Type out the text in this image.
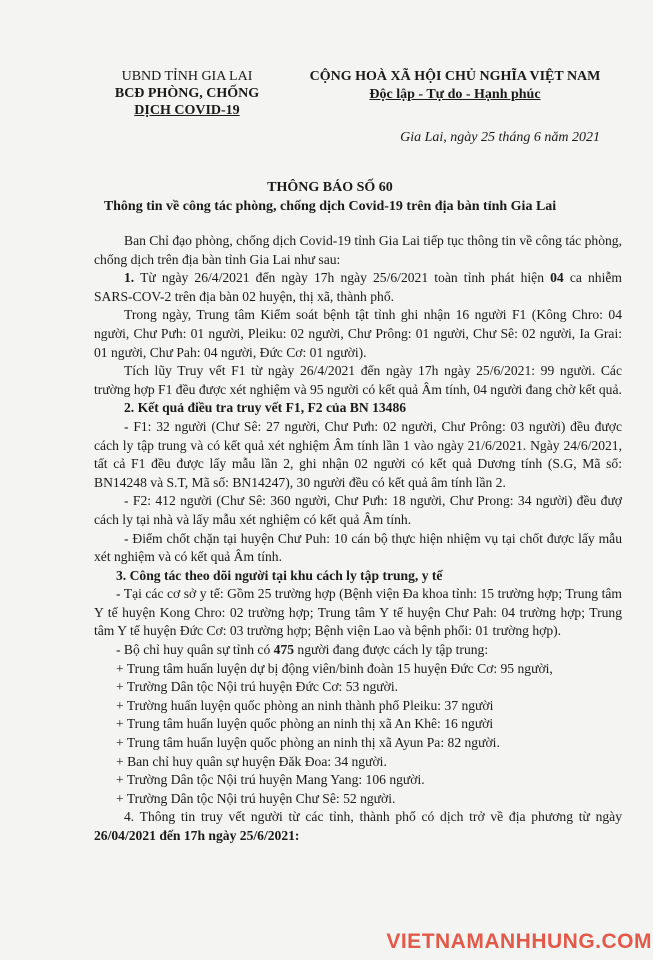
UBND TỈNH GIA LAI
BCĐ PHÒNG, CHỐNG
DỊCH COVID-19
CỘNG HOÀ XÃ HỘI CHỦ NGHĨA VIỆT NAM
Độc lập - Tự do - Hạnh phúc
Gia Lai, ngày 25 tháng 6 năm 2021
THÔNG BÁO SỐ 60
Thông tin về công tác phòng, chống dịch Covid-19 trên địa bàn tỉnh Gia Lai

Ban Chỉ đạo phòng, chống dịch Covid-19 tỉnh Gia Lai tiếp tục thông tin về công tác phòng, chống dịch trên địa bàn tỉnh Gia Lai như sau:

1. Từ ngày 26/4/2021 đến ngày 17h ngày 25/6/2021 toàn tỉnh phát hiện 04 ca nhiễm SARS-COV-2 trên địa bàn 02 huyện, thị xã, thành phố.

Trong ngày, Trung tâm Kiểm soát bệnh tật tỉnh ghi nhận 16 người F1 (Kông Chro: 04 người, Chư Pưh: 01 người, Pleiku: 02 người, Chư Prông: 01 người, Chư Sê: 02 người, Ia Grai: 01 người, Chư Pah: 04 người, Đức Cơ: 01 người).

Tích lũy Truy vết F1 từ ngày 26/4/2021 đến ngày 17h ngày 25/6/2021: 99 người. Các trường hợp F1 đều được xét nghiệm và 95 người có kết quả Âm tính, 04 người đang chờ kết quả.

2. Kết quả điều tra truy vết F1, F2 của BN 13486

- F1: 32 người (Chư Sê: 27 người, Chư Pưh: 02 người, Chư Prông: 03 người) đều được cách ly tập trung và có kết quả xét nghiệm Âm tính lần 1 vào ngày 21/6/2021. Ngày 24/6/2021, tất cả F1 đều được lấy mẫu lần 2, ghi nhận 02 người có kết quả Dương tính (S.G, Mã số: BN14248 và S.T, Mã số: BN14247), 30 người đều có kết quả âm tính lần 2.

- F2: 412 người (Chư Sê: 360 người, Chư Pưh: 18 người, Chư Prong: 34 người) đều đượ cách ly tại nhà và lấy mẫu xét nghiệm có kết quả Âm tính.

- Điểm chốt chặn tại huyện Chư Puh: 10 cán bộ thực hiện nhiệm vụ tại chốt được lấy mẫu xét nghiệm và có kết quả Âm tính.

3. Công tác theo dõi người tại khu cách ly tập trung, y tế

- Tại các cơ sở y tế: Gồm 25 trường hợp (Bệnh viện Đa khoa tỉnh: 15 trường hợp; Trung tâm Y tế huyện Kong Chro: 02 trường hợp; Trung tâm Y tế huyện Chư Pah: 04 trường hợp; Trung tâm Y tế huyện Đức Cơ: 03 trường hợp; Bệnh viện Lao và bệnh phổi: 01 trường hợp).

- Bộ chỉ huy quân sự tỉnh có 475 người đang được cách ly tập trung:

+ Trung tâm huấn luyện dự bị động viên/binh đoàn 15 huyện Đức Cơ: 95 người,

+ Trường Dân tộc Nội trú huyện Đức Cơ: 53 người.

+ Trường huấn luyện quốc phòng an ninh thành phố Pleiku: 37 người

+ Trung tâm huấn luyện quốc phòng an ninh thị xã An Khê: 16 người

+ Trung tâm huấn luyện quốc phòng an ninh thị xã Ayun Pa: 82 người.

+ Ban chỉ huy quân sự huyện Đăk Đoa: 34 người.

+ Trường Dân tộc Nội trú huyện Mang Yang: 106 người.

+ Trường Dân tộc Nội trú huyện Chư Sê: 52 người.

4. Thông tin truy vết người từ các tỉnh, thành phố có dịch trở về địa phương từ ngày 26/04/2021 đến 17h ngày 25/6/2021:

VIETNAMANHHUNG.COM
